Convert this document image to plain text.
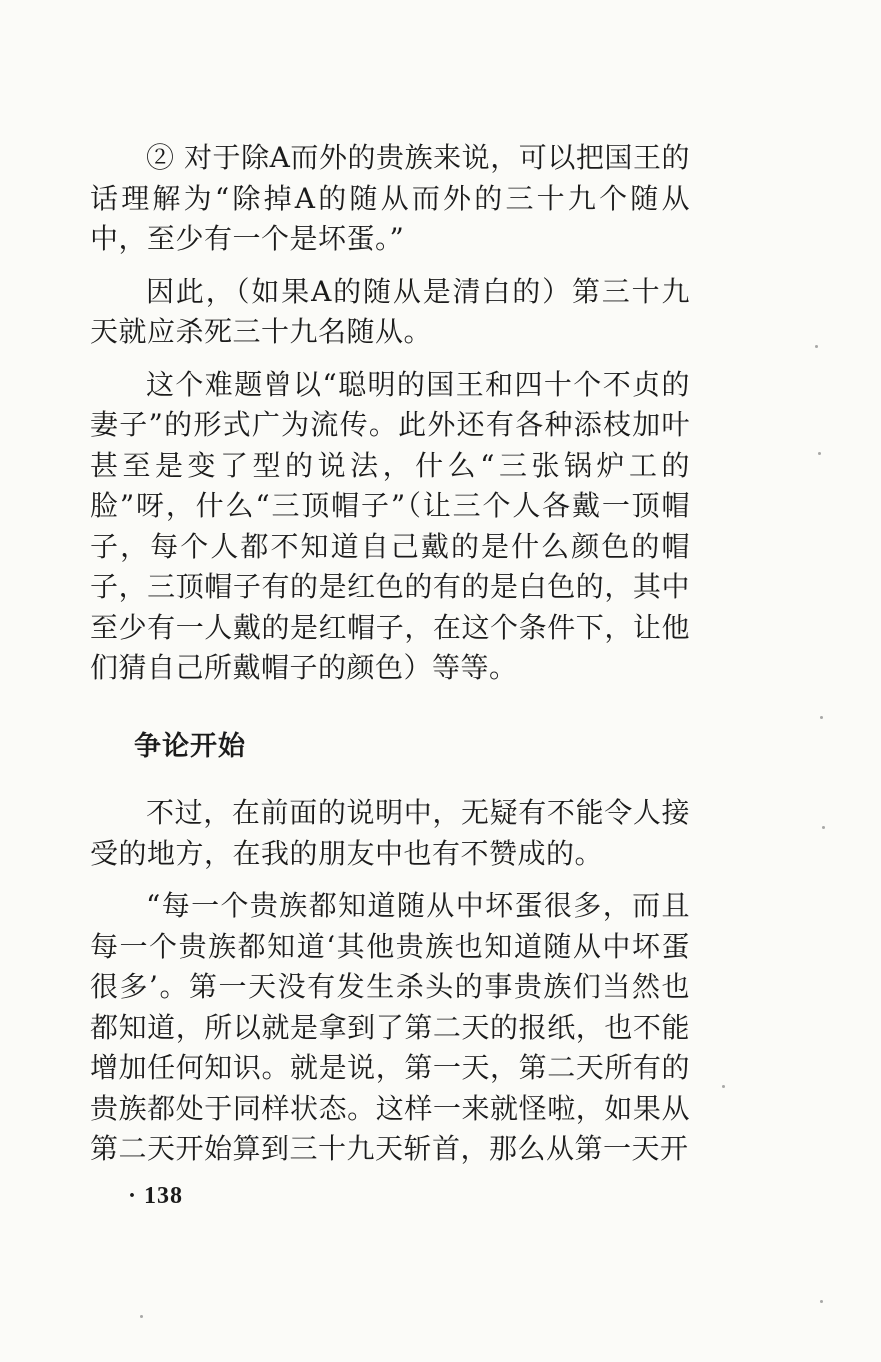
② 对于除A而外的贵族来说，可以把国王的话理解为“除掉A的随从而外的三十九个随从中，至少有一个是坏蛋。”

因此，（如果A的随从是清白的）第三十九天就应杀死三十九名随从。

这个难题曾以“聪明的国王和四十个不贞的妻子”的形式广为流传。此外还有各种添枝加叶甚至是变了型的说法，什么“三张锅炉工的脸”呀，什么“三顶帽子”（让三个人各戴一顶帽子，每个人都不知道自己戴的是什么颜色的帽子，三顶帽子有的是红色的有的是白色的，其中至少有一人戴的是红帽子，在这个条件下，让他们猜自己所戴帽子的颜色）等等。

争论开始

不过，在前面的说明中，无疑有不能令人接受的地方，在我的朋友中也有不赞成的。

“每一个贵族都知道随从中坏蛋很多，而且每一个贵族都知道‘其他贵族也知道随从中坏蛋很多’。第一天没有发生杀头的事贵族们当然也都知道，所以就是拿到了第二天的报纸，也不能增加任何知识。就是说，第一天，第二天所有的贵族都处于同样状态。这样一来就怪啦，如果从第二天开始算到三十九天斩首，那么从第一天开

· 138
